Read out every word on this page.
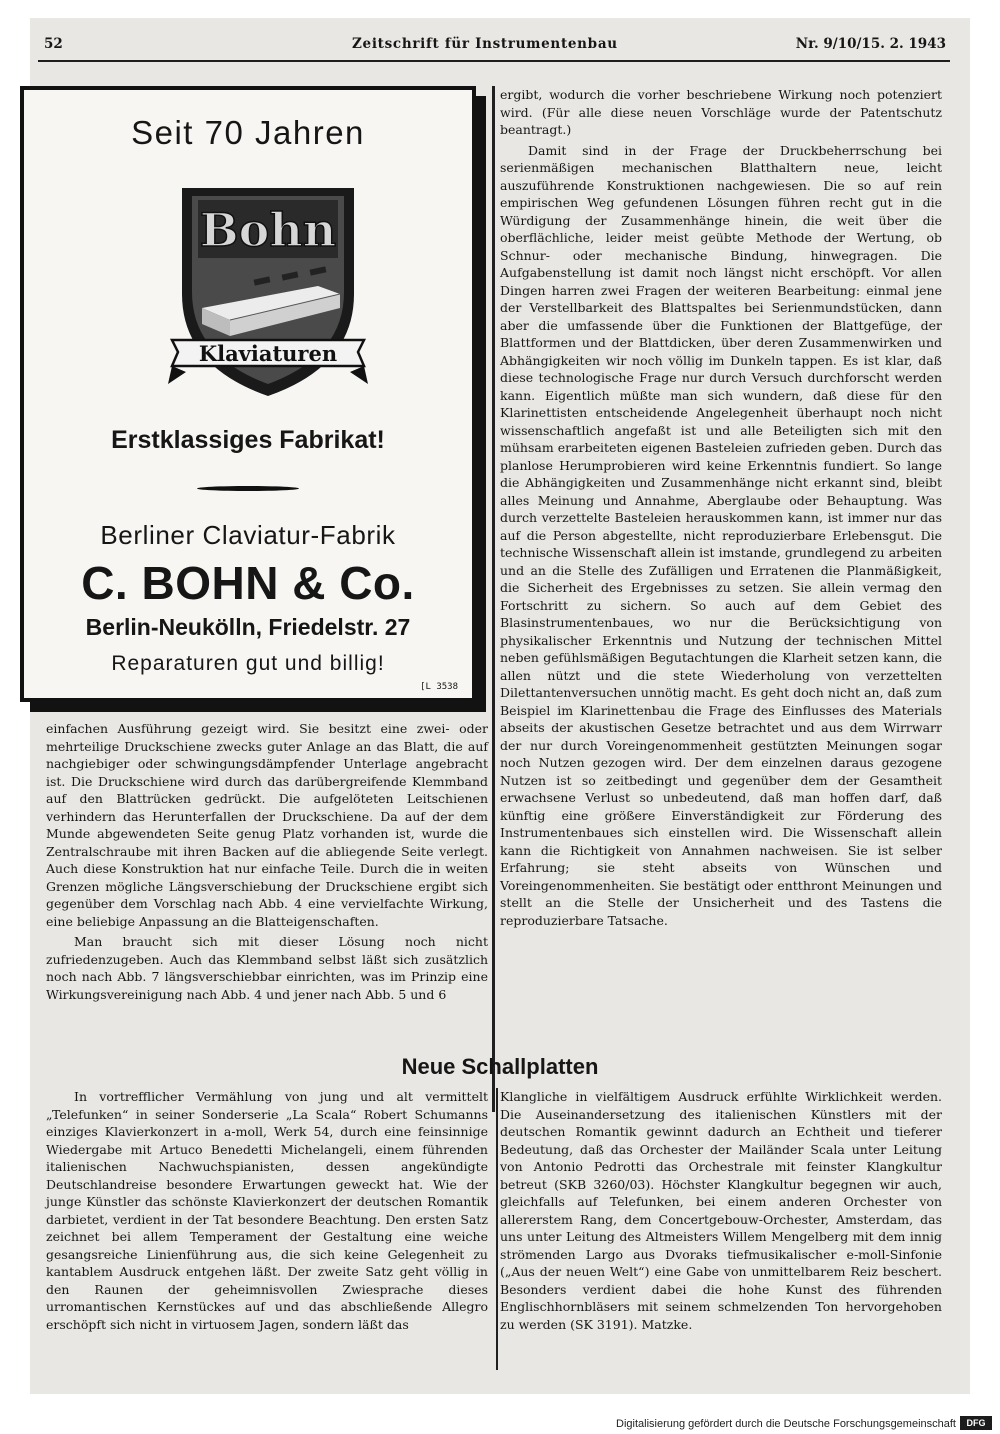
52	Zeitschrift für Instrumentenbau	Nr. 9/10/15. 2. 1943
Seit 70 Jahren
Bohn
Klaviaturen
Erstklassiges Fabrikat!
Berliner Claviatur-Fabrik
C. BOHN & Co.
Berlin-Neukölln, Friedelstr. 27
Reparaturen gut und billig!
[L 3538

ergibt, wodurch die vorher beschriebene Wirkung noch potenziert wird. (Für alle diese neuen Vorschläge wurde der Patentschutz beantragt.)

Damit sind in der Frage der Druckbeherrschung bei serienmäßigen mechanischen Blatthaltern neue, leicht auszuführende Konstruktionen nachgewiesen. Die so auf rein empirischen Weg gefundenen Lösungen führen recht gut in die Würdigung der Zusammenhänge hinein, die weit über die oberflächliche, leider meist geübte Methode der Wertung, ob Schnur- oder mechanische Bindung, hinwegragen. Die Aufgabenstellung ist damit noch längst nicht erschöpft. Vor allen Dingen harren zwei Fragen der weiteren Bearbeitung: einmal jene der Verstellbarkeit des Blattspaltes bei Serienmundstücken, dann aber die umfassende über die Funktionen der Blattgefüge, der Blattformen und der Blattdicken, über deren Zusammenwirken und Abhängigkeiten wir noch völlig im Dunkeln tappen. Es ist klar, daß diese technologische Frage nur durch Versuch durchforscht werden kann. Eigentlich müßte man sich wundern, daß diese für den Klarinettisten entscheidende Angelegenheit überhaupt noch nicht wissenschaftlich angefaßt ist und alle Beteiligten sich mit den mühsam erarbeiteten eigenen Basteleien zufrieden geben. Durch das planlose Herumprobieren wird keine Erkenntnis fundiert. So lange die Abhängigkeiten und Zusammenhänge nicht erkannt sind, bleibt alles Meinung und Annahme, Aberglaube oder Behauptung. Was durch verzettelte Basteleien herauskommen kann, ist immer nur das auf die Person abgestellte, nicht reproduzierbare Erlebensgut. Die technische Wissenschaft allein ist imstande, grundlegend zu arbeiten und an die Stelle des Zufälligen und Erratenen die Planmäßigkeit, die Sicherheit des Ergebnisses zu setzen. Sie allein vermag den Fortschritt zu sichern. So auch auf dem Gebiet des Blasinstrumentenbaues, wo nur die Berücksichtigung von physikalischer Erkenntnis und Nutzung der technischen Mittel neben gefühlsmäßigen Begutachtungen die Klarheit setzen kann, die allen nützt und die stete Wiederholung von verzettelten Dilettantenversuchen unnötig macht. Es geht doch nicht an, daß zum Beispiel im Klarinettenbau die Frage des Einflusses des Materials abseits der akustischen Gesetze betrachtet und aus dem Wirrwarr der nur durch Voreingenommenheit gestützten Meinungen sogar noch Nutzen gezogen wird. Der dem einzelnen daraus gezogene Nutzen ist so zeitbedingt und gegenüber dem der Gesamtheit erwachsene Verlust so unbedeutend, daß man hoffen darf, daß künftig eine größere Einverständigkeit zur Förderung des Instrumentenbaues sich einstellen wird. Die Wissenschaft allein kann die Richtigkeit von Annahmen nachweisen. Sie ist selber Erfahrung; sie steht abseits von Wünschen und Voreingenommenheiten. Sie bestätigt oder entthront Meinungen und stellt an die Stelle der Unsicherheit und des Tastens die reproduzierbare Tatsache.

einfachen Ausführung gezeigt wird. Sie besitzt eine zwei- oder mehrteilige Druckschiene zwecks guter Anlage an das Blatt, die auf nachgiebiger oder schwingungsdämpfender Unterlage angebracht ist. Die Druckschiene wird durch das darübergreifende Klemmband auf den Blattrücken gedrückt. Die aufgelöteten Leitschienen verhindern das Herunterfallen der Druckschiene. Da auf der dem Munde abgewendeten Seite genug Platz vorhanden ist, wurde die Zentralschraube mit ihren Backen auf die abliegende Seite verlegt. Auch diese Konstruktion hat nur einfache Teile. Durch die in weiten Grenzen mögliche Längsverschiebung der Druckschiene ergibt sich gegenüber dem Vorschlag nach Abb. 4 eine vervielfachte Wirkung, eine beliebige Anpassung an die Blatteigenschaften.

Man braucht sich mit dieser Lösung noch nicht zufriedenzugeben. Auch das Klemmband selbst läßt sich zusätzlich noch nach Abb. 7 längsverschiebbar einrichten, was im Prinzip eine Wirkungsvereinigung nach Abb. 4 und jener nach Abb. 5 und 6

Neue Schallplatten

In vortrefflicher Vermählung von jung und alt vermittelt „Telefunken“ in seiner Sonderserie „La Scala“ Robert Schumanns einziges Klavierkonzert in a-moll, Werk 54, durch eine feinsinnige Wiedergabe mit Artuco Benedetti Michelangeli, einem führenden italienischen Nachwuchspianisten, dessen angekündigte Deutschlandreise besondere Erwartungen geweckt hat. Wie der junge Künstler das schönste Klavierkonzert der deutschen Romantik darbietet, verdient in der Tat besondere Beachtung. Den ersten Satz zeichnet bei allem Temperament der Gestaltung eine weiche gesangsreiche Linienführung aus, die sich keine Gelegenheit zu kantablem Ausdruck entgehen läßt. Der zweite Satz geht völlig in den Raunen der geheimnisvollen Zwiesprache dieses urromantischen Kernstückes auf und das abschließende Allegro erschöpft sich nicht in virtuosem Jagen, sondern läßt das

Klangliche in vielfältigem Ausdruck erfühlte Wirklichkeit werden. Die Auseinandersetzung des italienischen Künstlers mit der deutschen Romantik gewinnt dadurch an Echtheit und tieferer Bedeutung, daß das Orchester der Mailänder Scala unter Leitung von Antonio Pedrotti das Orchestrale mit feinster Klangkultur betreut (SKB 3260/03). Höchster Klangkultur begegnen wir auch, gleichfalls auf Telefunken, bei einem anderen Orchester von allererstem Rang, dem Concertgebouw-Orchester, Amsterdam, das uns unter Leitung des Altmeisters Willem Mengelberg mit dem innig strömenden Largo aus Dvoraks tiefmusikalischer e-moll-Sinfonie („Aus der neuen Welt“) eine Gabe von unmittelbarem Reiz beschert. Besonders verdient dabei die hohe Kunst des führenden Englischhornbläsers mit seinem schmelzenden Ton hervorgehoben zu werden (SK 3191). Matzke.

Digitalisierung gefördert durch die Deutsche Forschungsgemeinschaft	DFG
